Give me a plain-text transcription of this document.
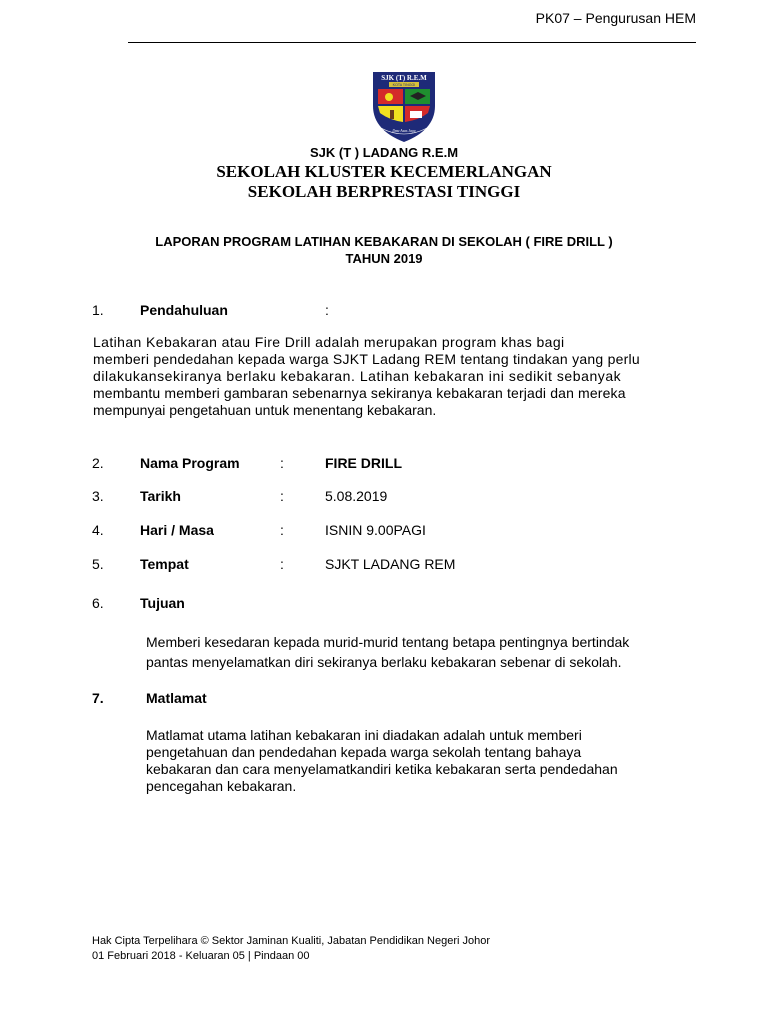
PK07 – Pengurusan HEM
SJK (T) R.E.M
KOTA TINGGI
Ilmu Asas Jaya
SJK (T ) LADANG R.E.M
SEKOLAH KLUSTER KECEMERLANGAN
SEKOLAH BERPRESTASI TINGGI
LAPORAN PROGRAM LATIHAN KEBAKARAN DI SEKOLAH ( FIRE DRILL )
TAHUN 2019
1.	Pendahuluan	:
Latihan Kebakaran atau Fire Drill adalah merupakan program khas bagi
memberi pendedahan kepada warga SJKT Ladang REM tentang tindakan yang perlu
dilakukansekiranya berlaku kebakaran. Latihan kebakaran ini sedikit sebanyak
membantu memberi gambaran sebenarnya sekiranya kebakaran terjadi dan mereka
mempunyai pengetahuan untuk menentang kebakaran.
2.	Nama Program	:	FIRE DRILL
3.	Tarikh	:	5.08.2019
4.	Hari / Masa	:	ISNIN 9.00PAGI
5.	Tempat	:	SJKT LADANG REM
6.	Tujuan
Memberi kesedaran kepada murid-murid tentang betapa pentingnya bertindak
pantas menyelamatkan diri sekiranya berlaku kebakaran sebenar di sekolah.
7.	Matlamat
Matlamat utama latihan kebakaran ini diadakan adalah untuk memberi
pengetahuan dan pendedahan kepada warga sekolah tentang bahaya
kebakaran dan cara menyelamatkandiri ketika kebakaran serta pendedahan
pencegahan kebakaran.
Hak Cipta Terpelihara © Sektor Jaminan Kualiti, Jabatan Pendidikan Negeri Johor
01 Februari 2018 - Keluaran 05 | Pindaan 00
